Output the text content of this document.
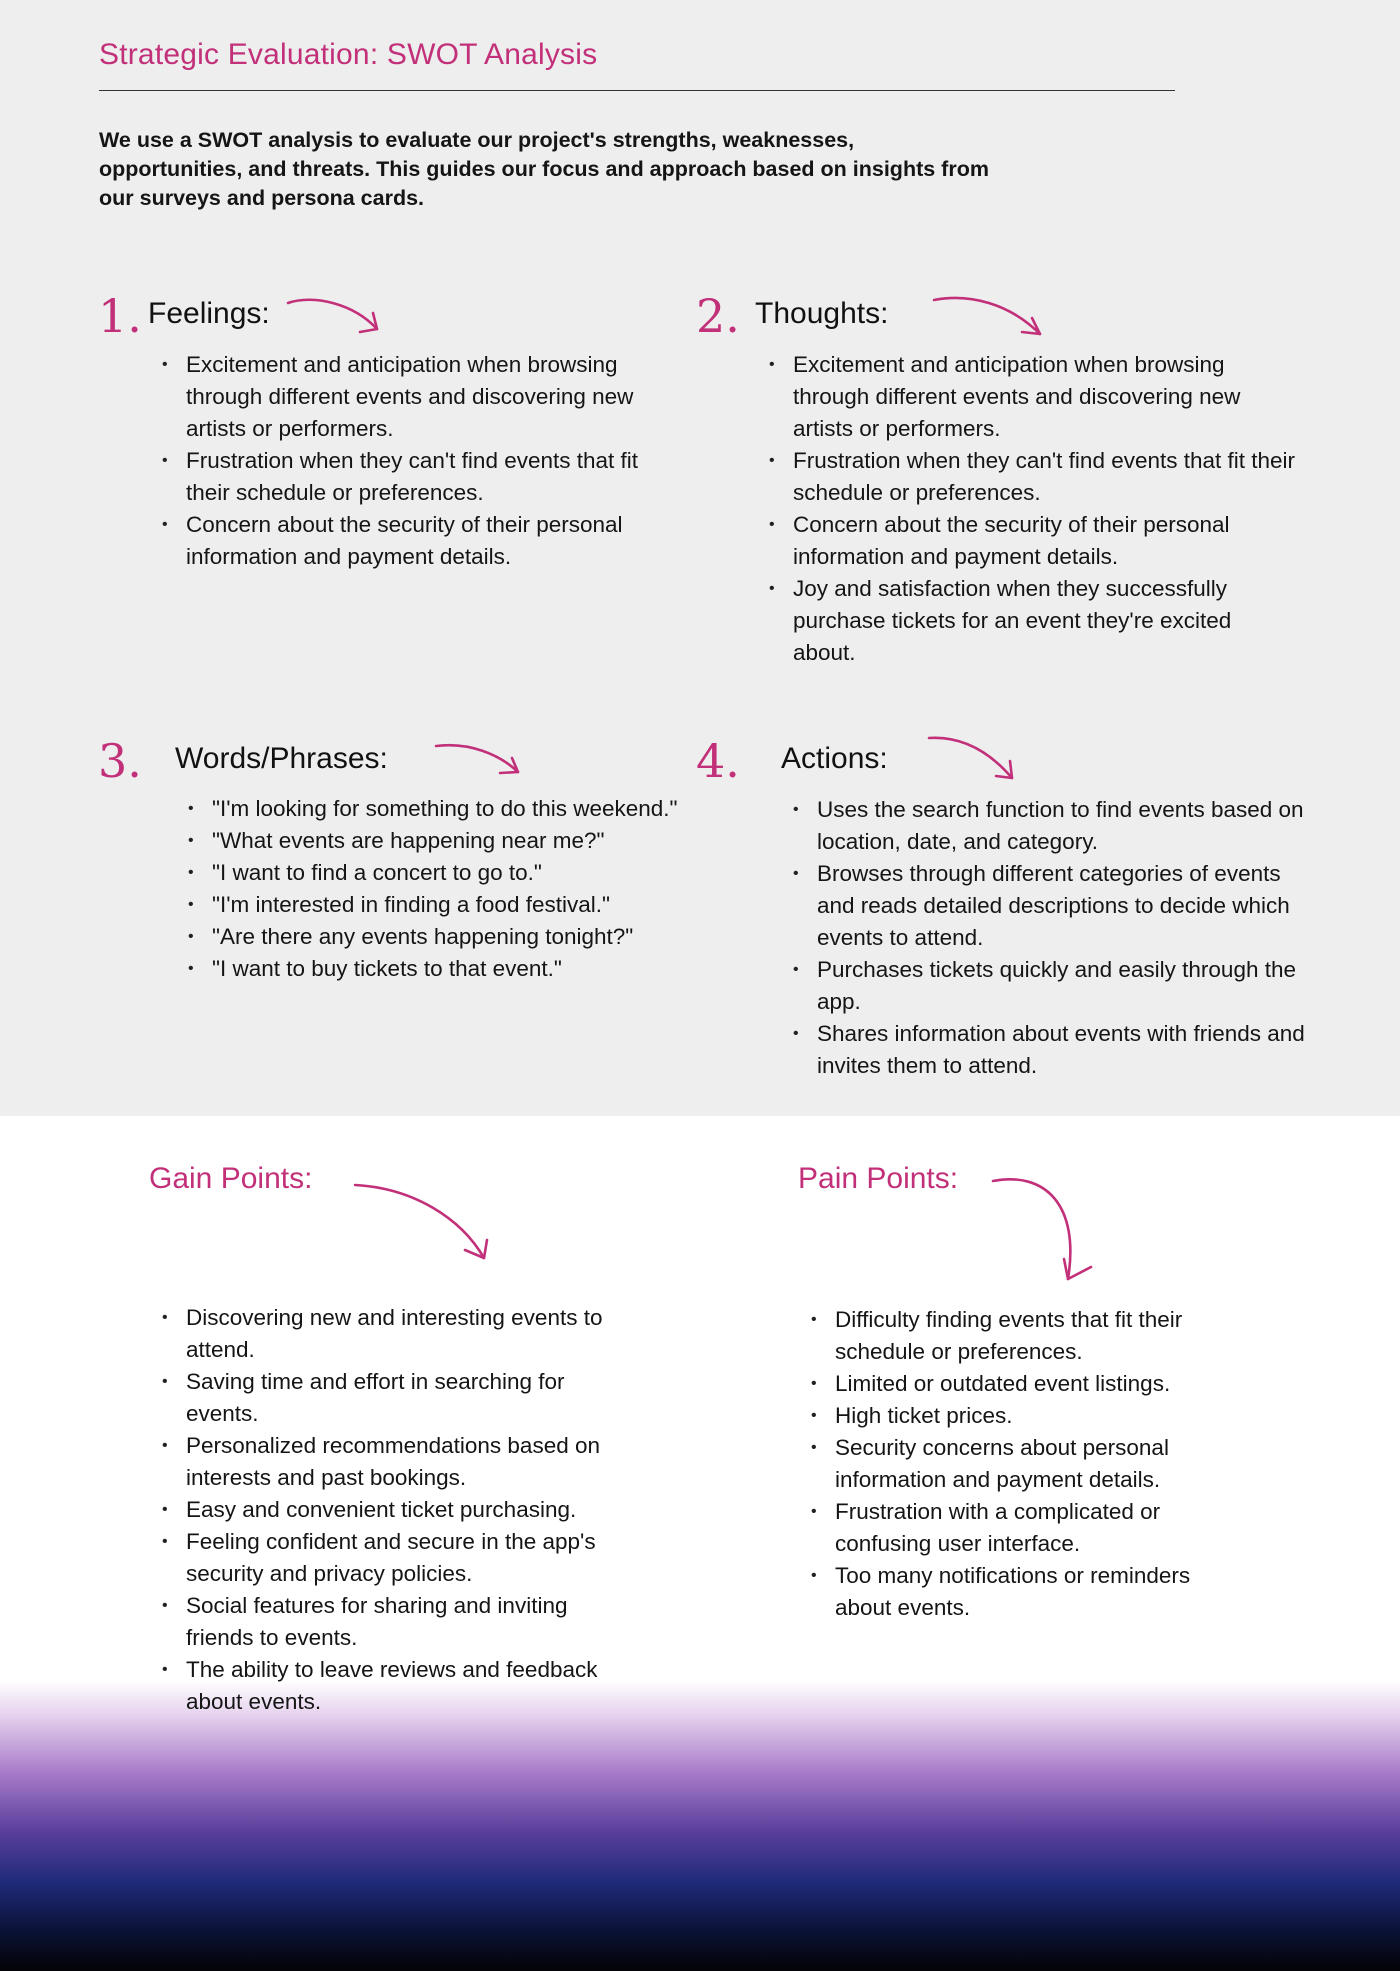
Strategic Evaluation: SWOT Analysis

We use a SWOT analysis to evaluate our project's strengths, weaknesses, opportunities, and threats. This guides our focus and approach based on insights from our surveys and persona cards.

1. Feelings:
• Excitement and anticipation when browsing through different events and discovering new artists or performers.
• Frustration when they can't find events that fit their schedule or preferences.
• Concern about the security of their personal information and payment details.
2. Thoughts:
• Excitement and anticipation when browsing through different events and discovering new artists or performers.
• Frustration when they can't find events that fit their schedule or preferences.
• Concern about the security of their personal information and payment details.
• Joy and satisfaction when they successfully purchase tickets for an event they're excited about.
3. Words/Phrases:
• "I'm looking for something to do this weekend."
• "What events are happening near me?"
• "I want to find a concert to go to."
• "I'm interested in finding a food festival."
• "Are there any events happening tonight?"
• "I want to buy tickets to that event."
4. Actions:
• Uses the search function to find events based on location, date, and category.
• Browses through different categories of events and reads detailed descriptions to decide which events to attend.
• Purchases tickets quickly and easily through the app.
• Shares information about events with friends and invites them to attend.
Gain Points:
• Discovering new and interesting events to attend.
• Saving time and effort in searching for events.
• Personalized recommendations based on interests and past bookings.
• Easy and convenient ticket purchasing.
• Feeling confident and secure in the app's security and privacy policies.
• Social features for sharing and inviting friends to events.
• The ability to leave reviews and feedback about events.
Pain Points:
• Difficulty finding events that fit their schedule or preferences.
• Limited or outdated event listings.
• High ticket prices.
• Security concerns about personal information and payment details.
• Frustration with a complicated or confusing user interface.
• Too many notifications or reminders about events.
